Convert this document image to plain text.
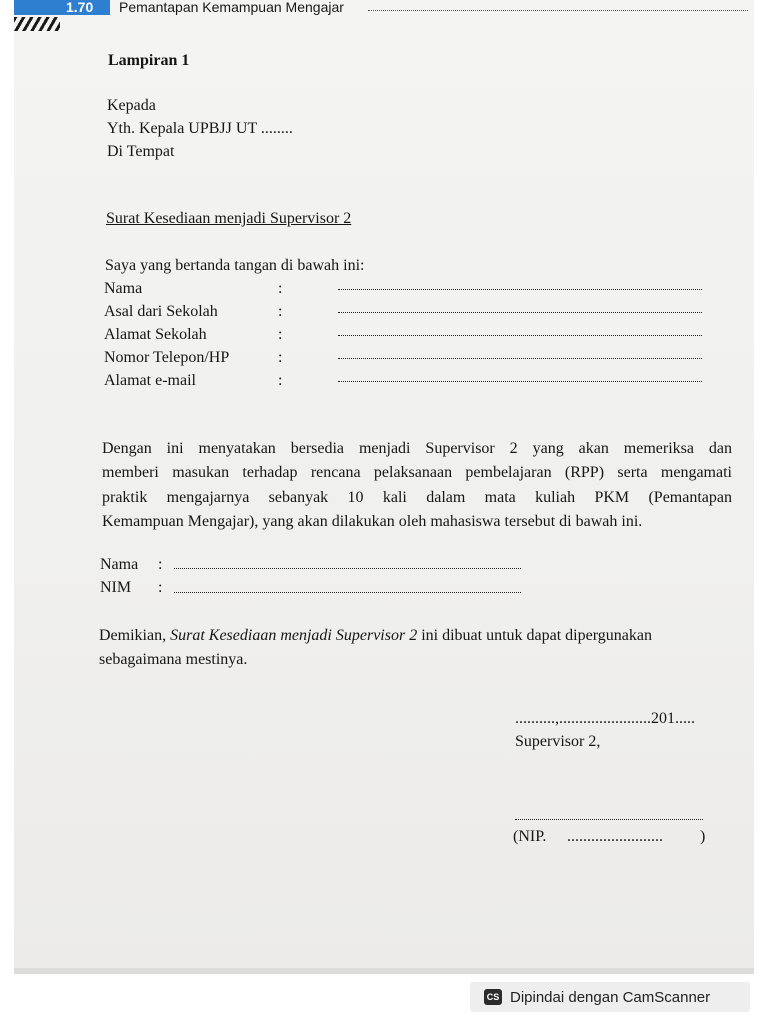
1.70 Pemantapan Kemampuan Mengajar
Lampiran 1
Kepada
Yth. Kepala UPBJJ UT ........
Di Tempat
Surat Kesediaan menjadi Supervisor 2
Saya yang bertanda tangan di bawah ini:
Nama	:
Asal dari Sekolah	:
Alamat Sekolah	:
Nomor Telepon/HP	:
Alamat e-mail	:
Dengan ini menyatakan bersedia menjadi Supervisor 2 yang akan memeriksa dan
memberi masukan terhadap rencana pelaksanaan pembelajaran (RPP) serta mengamati
praktik mengajarnya sebanyak 10 kali dalam mata kuliah PKM (Pemantapan
Kemampuan Mengajar), yang akan dilakukan oleh mahasiswa tersebut di bawah ini.
Nama :
NIM :
Demikian, Surat Kesediaan menjadi Supervisor 2 ini dibuat untuk dapat dipergunakan
sebagaimana mestinya.
..........,.......................201.....
Supervisor 2,
(NIP. ........................ )
CS Dipindai dengan CamScanner
